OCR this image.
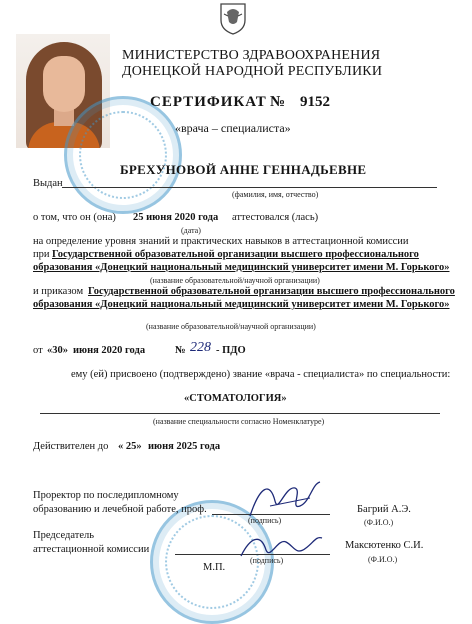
МИНИСТЕРСТВО ЗДРАВООХРАНЕНИЯ
ДОНЕЦКОЙ НАРОДНОЙ РЕСПУБЛИКИ
СЕРТИФИКАТ № 9152
«врача – специалиста»
Выдан
БРЕХУНОВОЙ АННЕ ГЕННАДЬЕВНЕ
(фамилия, имя, отчество)
о том, что он (она) 25 июня 2020 года аттестовался (лась)
(дата)
на определение уровня знаний и практических навыков в аттестационной комиссии
при Государственной образовательной организации высшего профессионального
образования «Донецкий национальный медицинский университет имени М. Горького»
(название образовательной/научной организации)
и приказом Государственной образовательной организации высшего профессионального
образования «Донецкий национальный медицинский университет имени М. Горького»
(название образовательной/научной организации)
от «30» июня 2020 года	№ 228 - ПДО
ему (ей) присвоено (подтверждено) звание «врача - специалиста» по специальности:
«СТОМАТОЛОГИЯ»
(название специальности согласно Номенклатуре)
Действителен до « 25» июня 2025 года
Проректор по последипломному
образованию и лечебной работе, проф.
(подпись)
Багрий А.Э.
(Ф.И.О.)
Председатель
аттестационной комиссии
(подпись)
Максютенко С.И.
(Ф.И.О.)
М.П.
